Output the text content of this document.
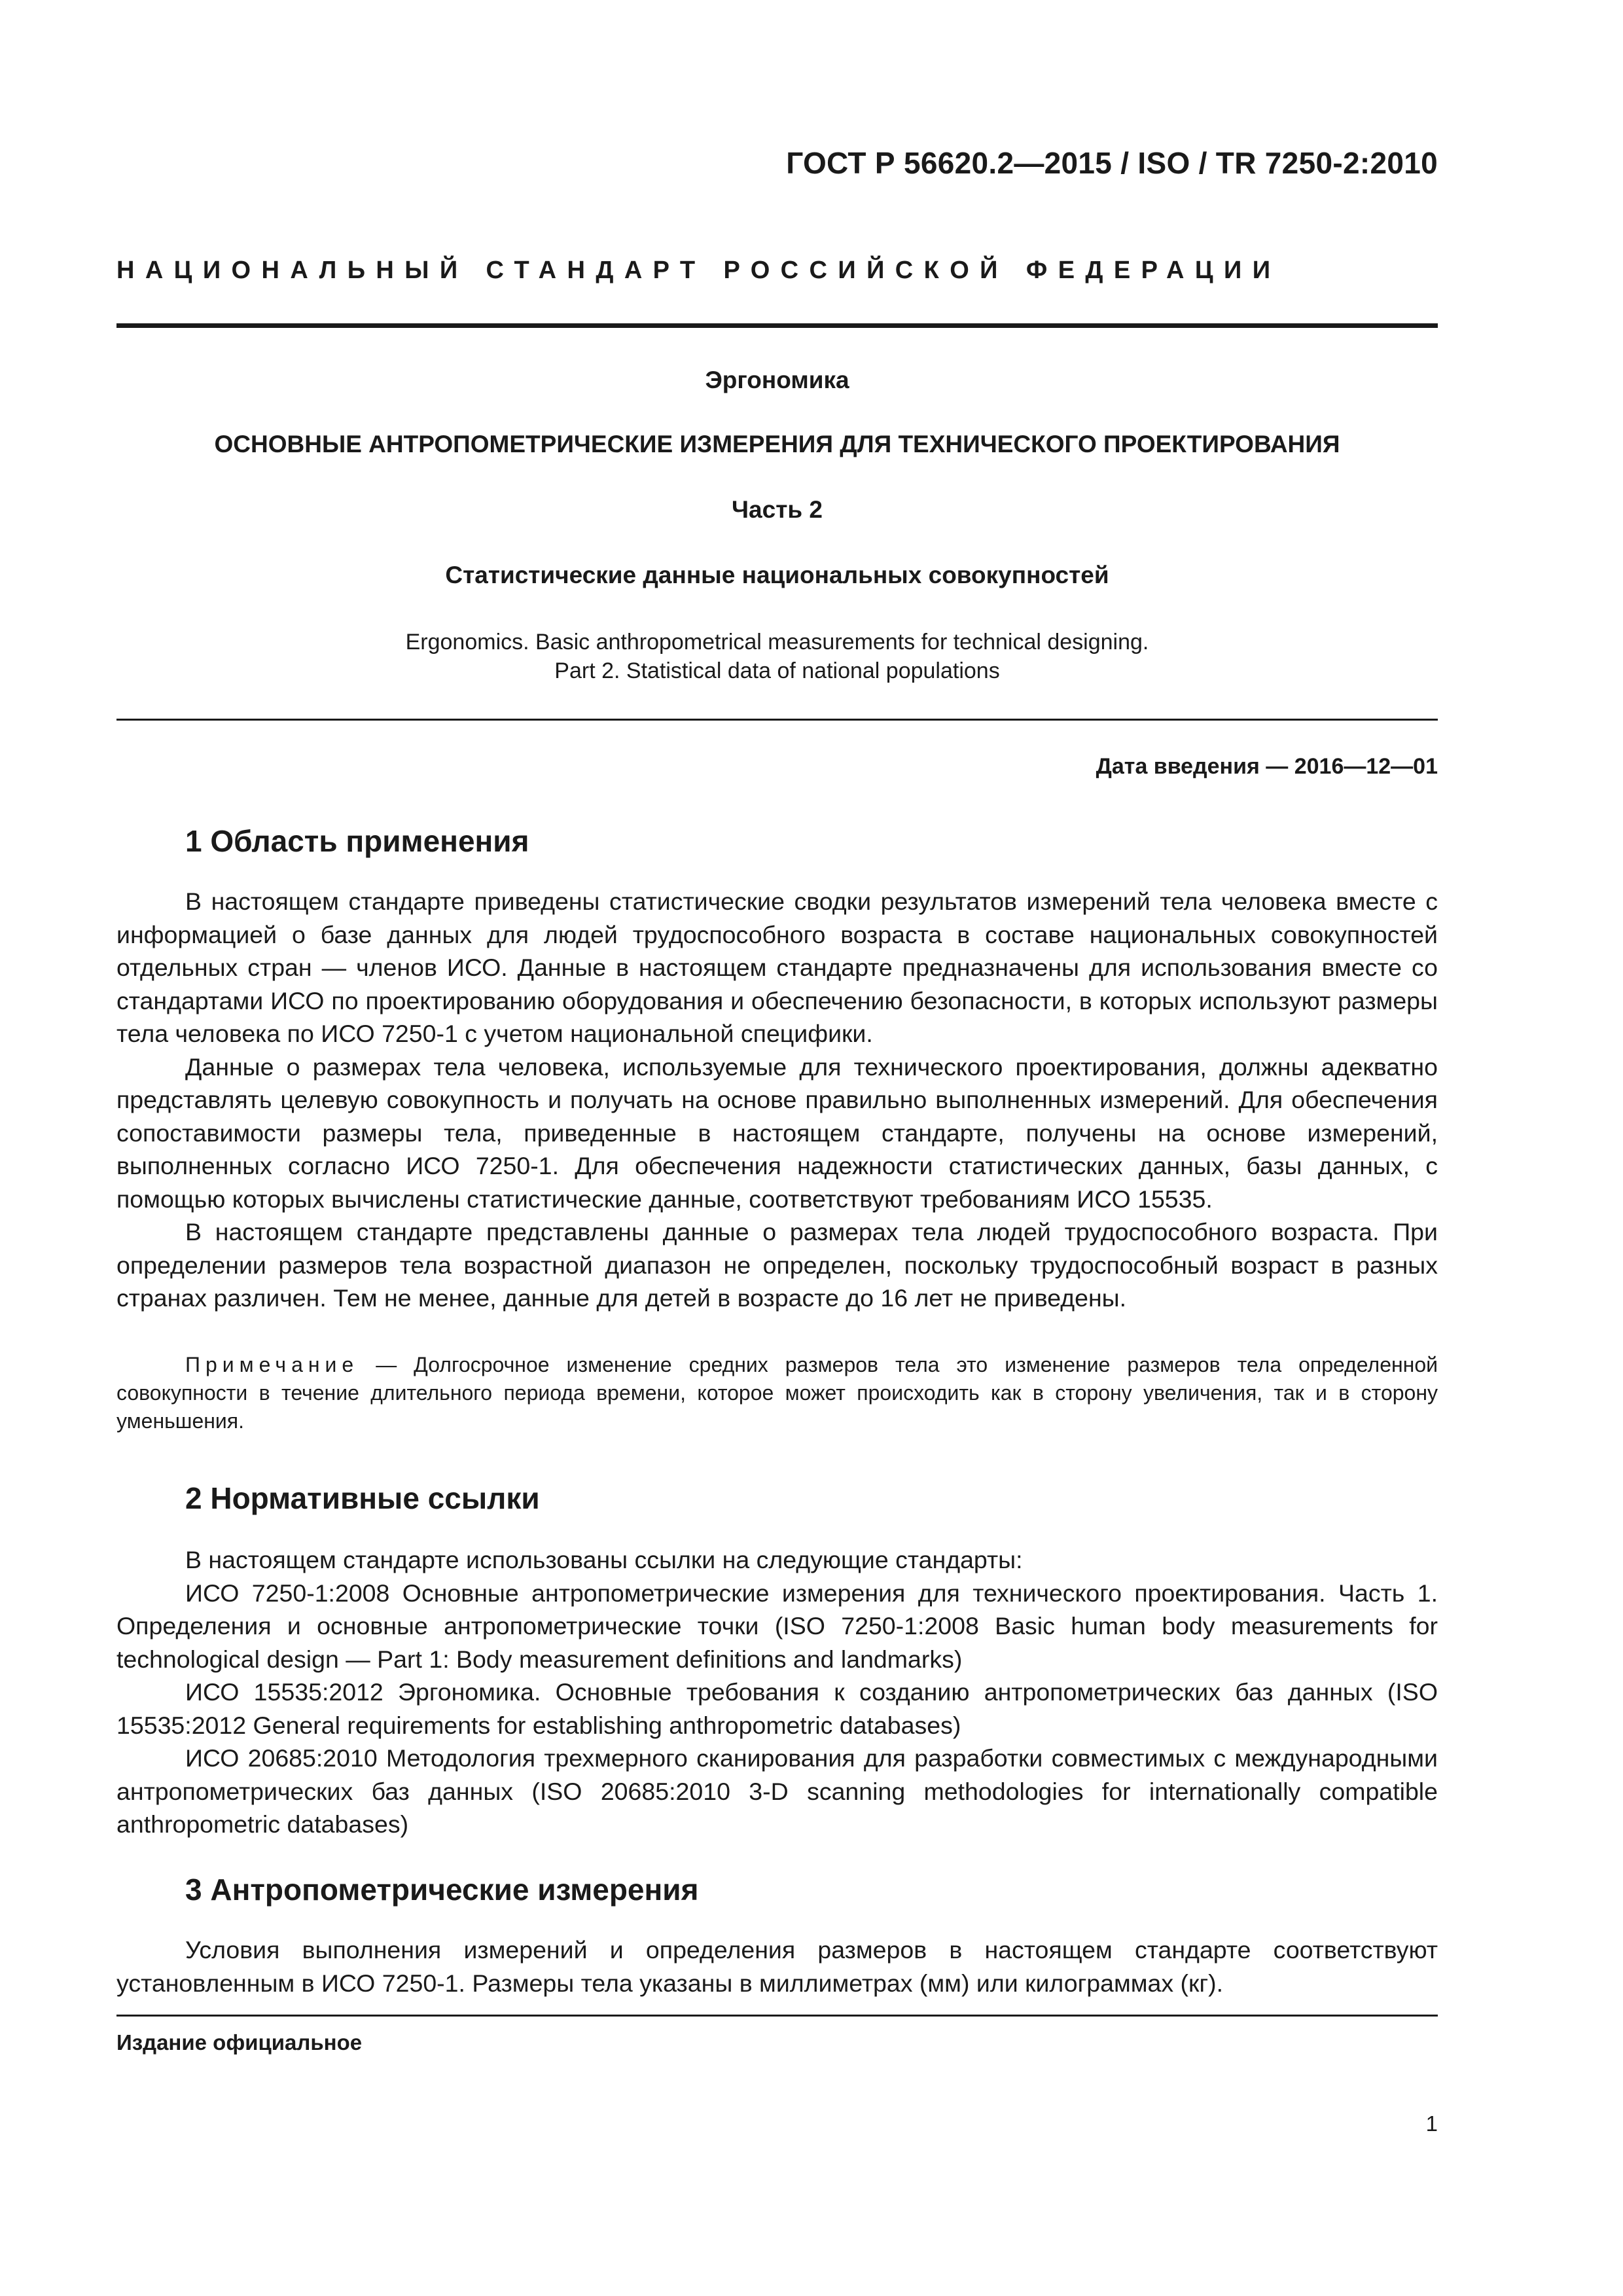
ГОСТ Р 56620.2—2015 / ISO / TR 7250-2:2010
НАЦИОНАЛЬНЫЙ СТАНДАРТ РОССИЙСКОЙ ФЕДЕРАЦИИ
Эргономика
ОСНОВНЫЕ АНТРОПОМЕТРИЧЕСКИЕ ИЗМЕРЕНИЯ ДЛЯ ТЕХНИЧЕСКОГО ПРОЕКТИРОВАНИЯ
Часть 2
Статистические данные национальных совокупностей
Ergonomics. Basic anthropometrical measurements for technical designing.
Part 2. Statistical data of national populations
Дата введения — 2016—12—01
1 Область применения

В настоящем стандарте приведены статистические сводки результатов измерений тела человека вместе с информацией о базе данных для людей трудоспособного возраста в составе национальных совокупностей отдельных стран — членов ИСО. Данные в настоящем стандарте предназначены для использования вместе со стандартами ИСО по проектированию оборудования и обеспечению безопасности, в которых используют размеры тела человека по ИСО 7250-1 с учетом национальной специфики.

Данные о размерах тела человека, используемые для технического проектирования, должны адекватно представлять целевую совокупность и получать на основе правильно выполненных измерений. Для обеспечения сопоставимости размеры тела, приведенные в настоящем стандарте, получены на основе измерений, выполненных согласно ИСО 7250-1. Для обеспечения надежности статистических данных, базы данных, с помощью которых вычислены статистические данные, соответствуют требованиям ИСО 15535.

В настоящем стандарте представлены данные о размерах тела людей трудоспособного возраста. При определении размеров тела возрастной диапазон не определен, поскольку трудоспособный возраст в разных странах различен. Тем не менее, данные для детей в возрасте до 16 лет не приведены.

Примечание — Долгосрочное изменение средних размеров тела это изменение размеров тела определенной совокупности в течение длительного периода времени, которое может происходить как в сторону увеличения, так и в сторону уменьшения.
2 Нормативные ссылки

В настоящем стандарте использованы ссылки на следующие стандарты:

ИСО 7250-1:2008 Основные антропометрические измерения для технического проектирования. Часть 1. Определения и основные антропометрические точки (ISO 7250-1:2008 Basic human body measurements for technological design — Part 1: Body measurement definitions and landmarks)

ИСО 15535:2012 Эргономика. Основные требования к созданию антропометрических баз данных (ISO 15535:2012 General requirements for establishing anthropometric databases)

ИСО 20685:2010 Методология трехмерного сканирования для разработки совместимых с международными антропометрических баз данных (ISO 20685:2010 3-D scanning methodologies for internationally compatible anthropometric databases)

3 Антропометрические измерения

Условия выполнения измерений и определения размеров в настоящем стандарте соответствуют установленным в ИСО 7250-1. Размеры тела указаны в миллиметрах (мм) или килограммах (кг).

Издание официальное
1
